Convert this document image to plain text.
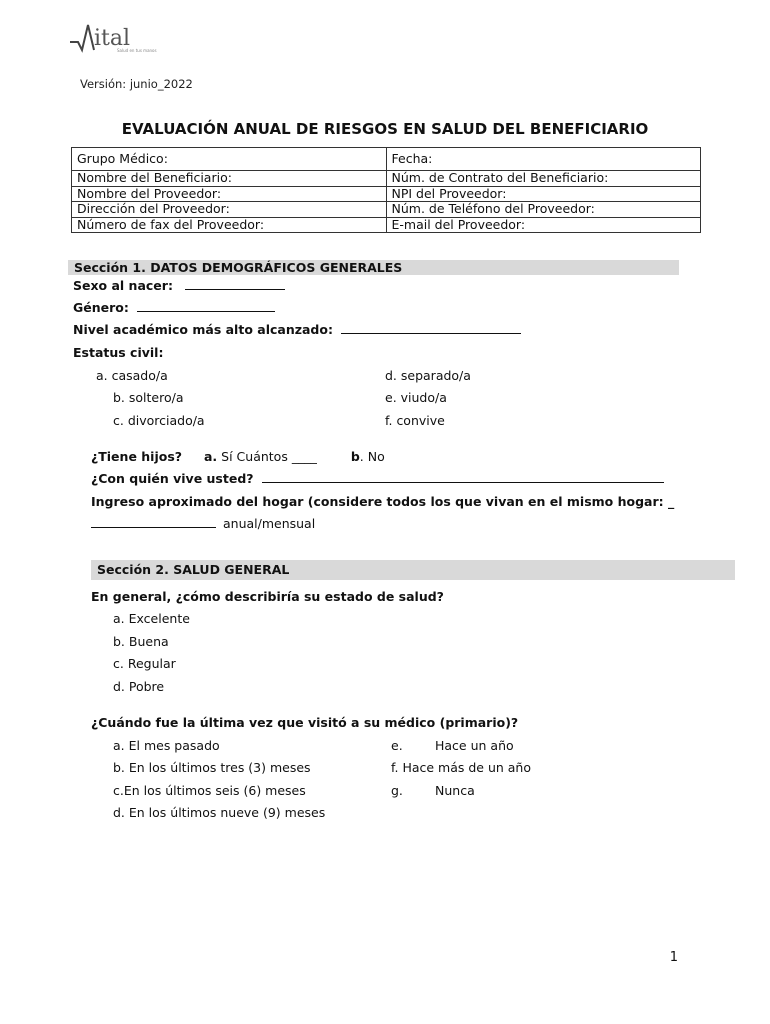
ital
Salud en tus manos
Versión: junio_2022
EVALUACIÓN ANUAL DE RIESGOS EN SALUD DEL BENEFICIARIO
Grupo Médico:	Fecha:
Nombre del Beneficiario:	Núm. de Contrato del Beneficiario:
Nombre del Proveedor:	NPI del Proveedor:
Dirección del Proveedor:	Núm. de Teléfono del Proveedor:
Número de fax del Proveedor:	E-mail del Proveedor:
Sección 1. DATOS DEMOGRÁFICOS GENERALES
Sexo al nacer:
Género:
Nivel académico más alto alcanzado:
Estatus civil:
a. casado/a
b. soltero/a
c. divorciado/a
d. separado/a
e. viudo/a
f. convive
¿Tiene hijos? a. Sí Cuántos ____	b. No
¿Con quién vive usted?
Ingreso aproximado del hogar (considere todos los que vivan en el mismo hogar: _
anual/mensual
Sección 2. SALUD GENERAL
En general, ¿cómo describiría su estado de salud?
a. Excelente
b. Buena
c. Regular
d. Pobre
¿Cuándo fue la última vez que visitó a su médico (primario)?
a. El mes pasado
b. En los últimos tres (3) meses
c.En los últimos seis (6) meses
d. En los últimos nueve (9) meses
e.	Hace un año
f. Hace más de un año
g.	Nunca
1
